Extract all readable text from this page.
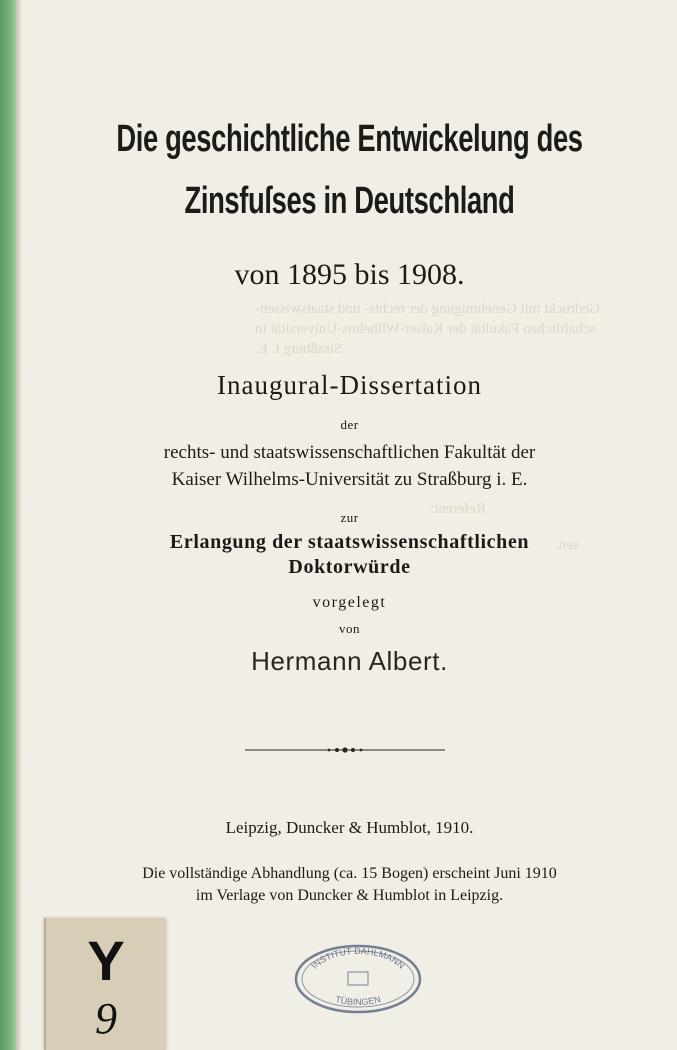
Gedruckt mit Genehmigung der rechts- und staatswissen-
schaftlichen Fakultät der Kaiser-Wilhelms-Universität in
Straßburg i. E.
Referent:
sen.
Die geschichtliche Entwickelung des
Zinsfuſses in Deutschland
von 1895 bis 1908.
Inaugural-Dissertation
der
rechts- und staatswissenschaftlichen Fakultät der
Kaiser Wilhelms-Universität zu Straßburg i. E.
zur
Erlangung der staatswissenschaftlichen
Doktorwürde
vorgelegt
von
Hermann Albert.
Leipzig, Duncker & Humblot, 1910.
Die vollständige Abhandlung (ca. 15 Bogen) erscheint Juni 1910
im Verlage von Duncker & Humblot in Leipzig.
Y
9
INSTITUT DAHLMANN
TÜBINGEN
